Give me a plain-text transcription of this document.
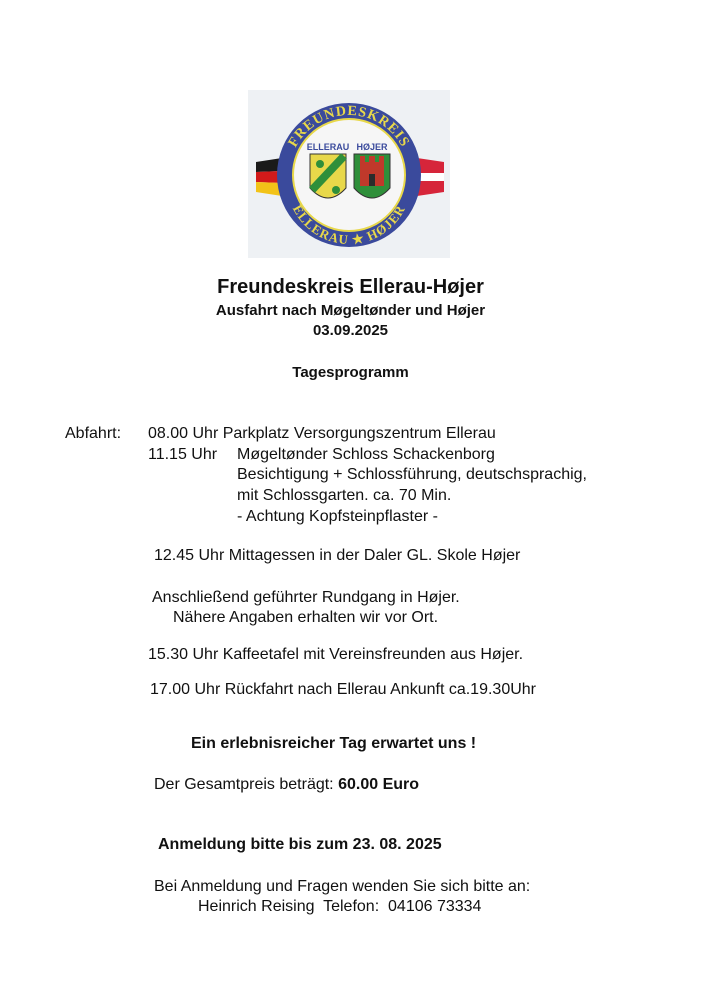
FREUNDESKREIS
ELLERAU ★ HØJER
ELLERAU HØJER
Freundeskreis Ellerau-Højer
Ausfahrt nach Møgeltønder und Højer
03.09.2025
Tagesprogramm
Abfahrt: 08.00 Uhr Parkplatz Versorgungszentrum Ellerau
11.15 Uhr Møgeltønder Schloss Schackenborg
Besichtigung + Schlossführung, deutschsprachig,
mit Schlossgarten. ca. 70 Min.
- Achtung Kopfsteinpflaster -
12.45 Uhr Mittagessen in der Daler GL. Skole Højer
Anschließend geführter Rundgang in Højer.
Nähere Angaben erhalten wir vor Ort.
15.30 Uhr Kaffeetafel mit Vereinsfreunden aus Højer.
17.00 Uhr Rückfahrt nach Ellerau Ankunft ca.19.30Uhr
Ein erlebnisreicher Tag erwartet uns !
Der Gesamtpreis beträgt: 60.00 Euro
Anmeldung bitte bis zum 23. 08. 2025
Bei Anmeldung und Fragen wenden Sie sich bitte an:
Heinrich Reising  Telefon:  04106 73334
